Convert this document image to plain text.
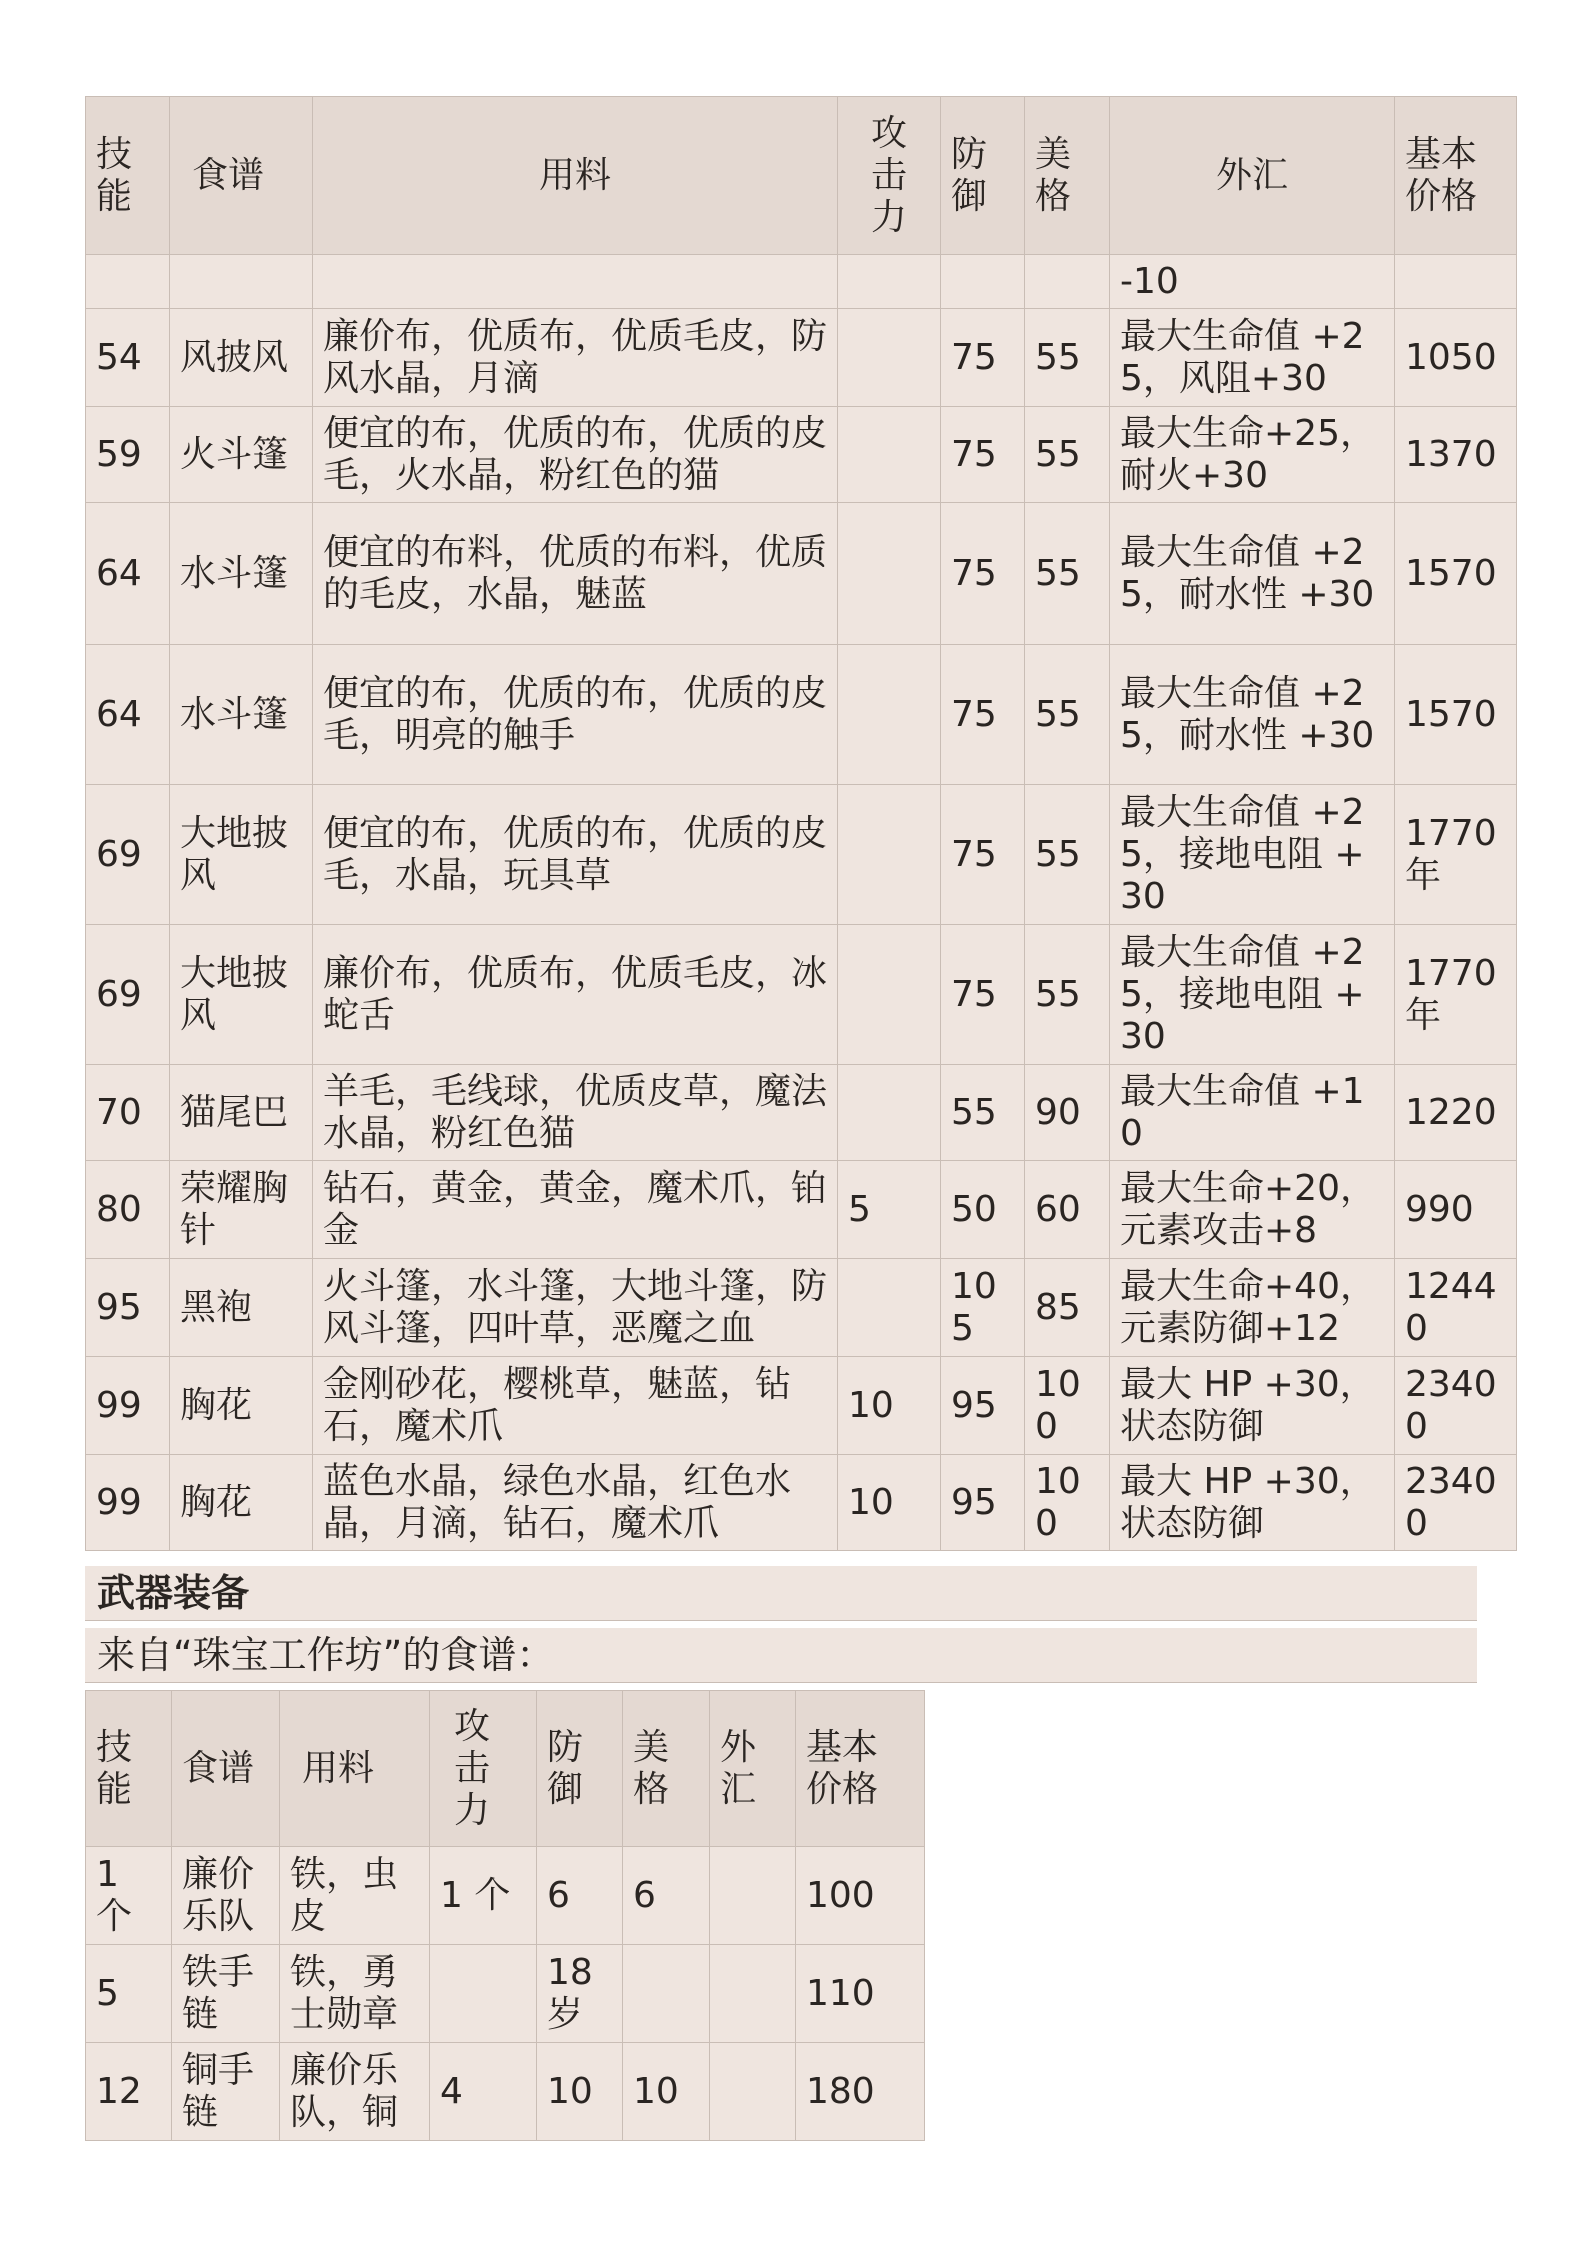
技能	食谱	用料	攻击力	防御	美格	外汇	基本价格
						-10	
54	风披风	廉价布，优质布，优质毛皮，防风水晶，月滴		75	55	最大生命值 +25，风阻+30	1050
59	火斗篷	便宜的布，优质的布，优质的皮毛，火水晶，粉红色的猫		75	55	最大生命+25，耐火+30	1370
64	水斗篷	便宜的布料，优质的布料，优质的毛皮，水晶，魅蓝		75	55	最大生命值 +25，耐水性 +30	1570
64	水斗篷	便宜的布，优质的布，优质的皮毛，明亮的触手		75	55	最大生命值 +25，耐水性 +30	1570
69	大地披风	便宜的布，优质的布，优质的皮毛，水晶，玩具草		75	55	最大生命值 +25，接地电阻 +30	1770 年
69	大地披风	廉价布，优质布，优质毛皮，冰蛇舌		75	55	最大生命值 +25，接地电阻 +30	1770 年
70	猫尾巴	羊毛，毛线球，优质皮草，魔法水晶，粉红色猫		55	90	最大生命值 +10	1220
80	荣耀胸针	钻石，黄金，黄金，魔术爪，铂金	5	50	60	最大生命+20，元素攻击+8	990
95	黑袍	火斗篷，水斗篷，大地斗篷，防风斗篷，四叶草，恶魔之血		105	85	最大生命+40，元素防御+12	12440
99	胸花	金刚砂花，樱桃草，魅蓝，钻石，魔术爪	10	95	100	最大 HP +30，状态防御	23400
99	胸花	蓝色水晶，绿色水晶，红色水晶，月滴，钻石，魔术爪	10	95	100	最大 HP +30，状态防御	23400
武器装备
来自“珠宝工作坊”的食谱：
技能	食谱	用料	攻击力	防御	美格	外汇	基本价格
1 个	廉价乐队	铁，虫皮	1 个	6	6		100
5	铁手链	铁，勇士勋章		18 岁			110
12	铜手链	廉价乐队，铜	4	10	10		180
